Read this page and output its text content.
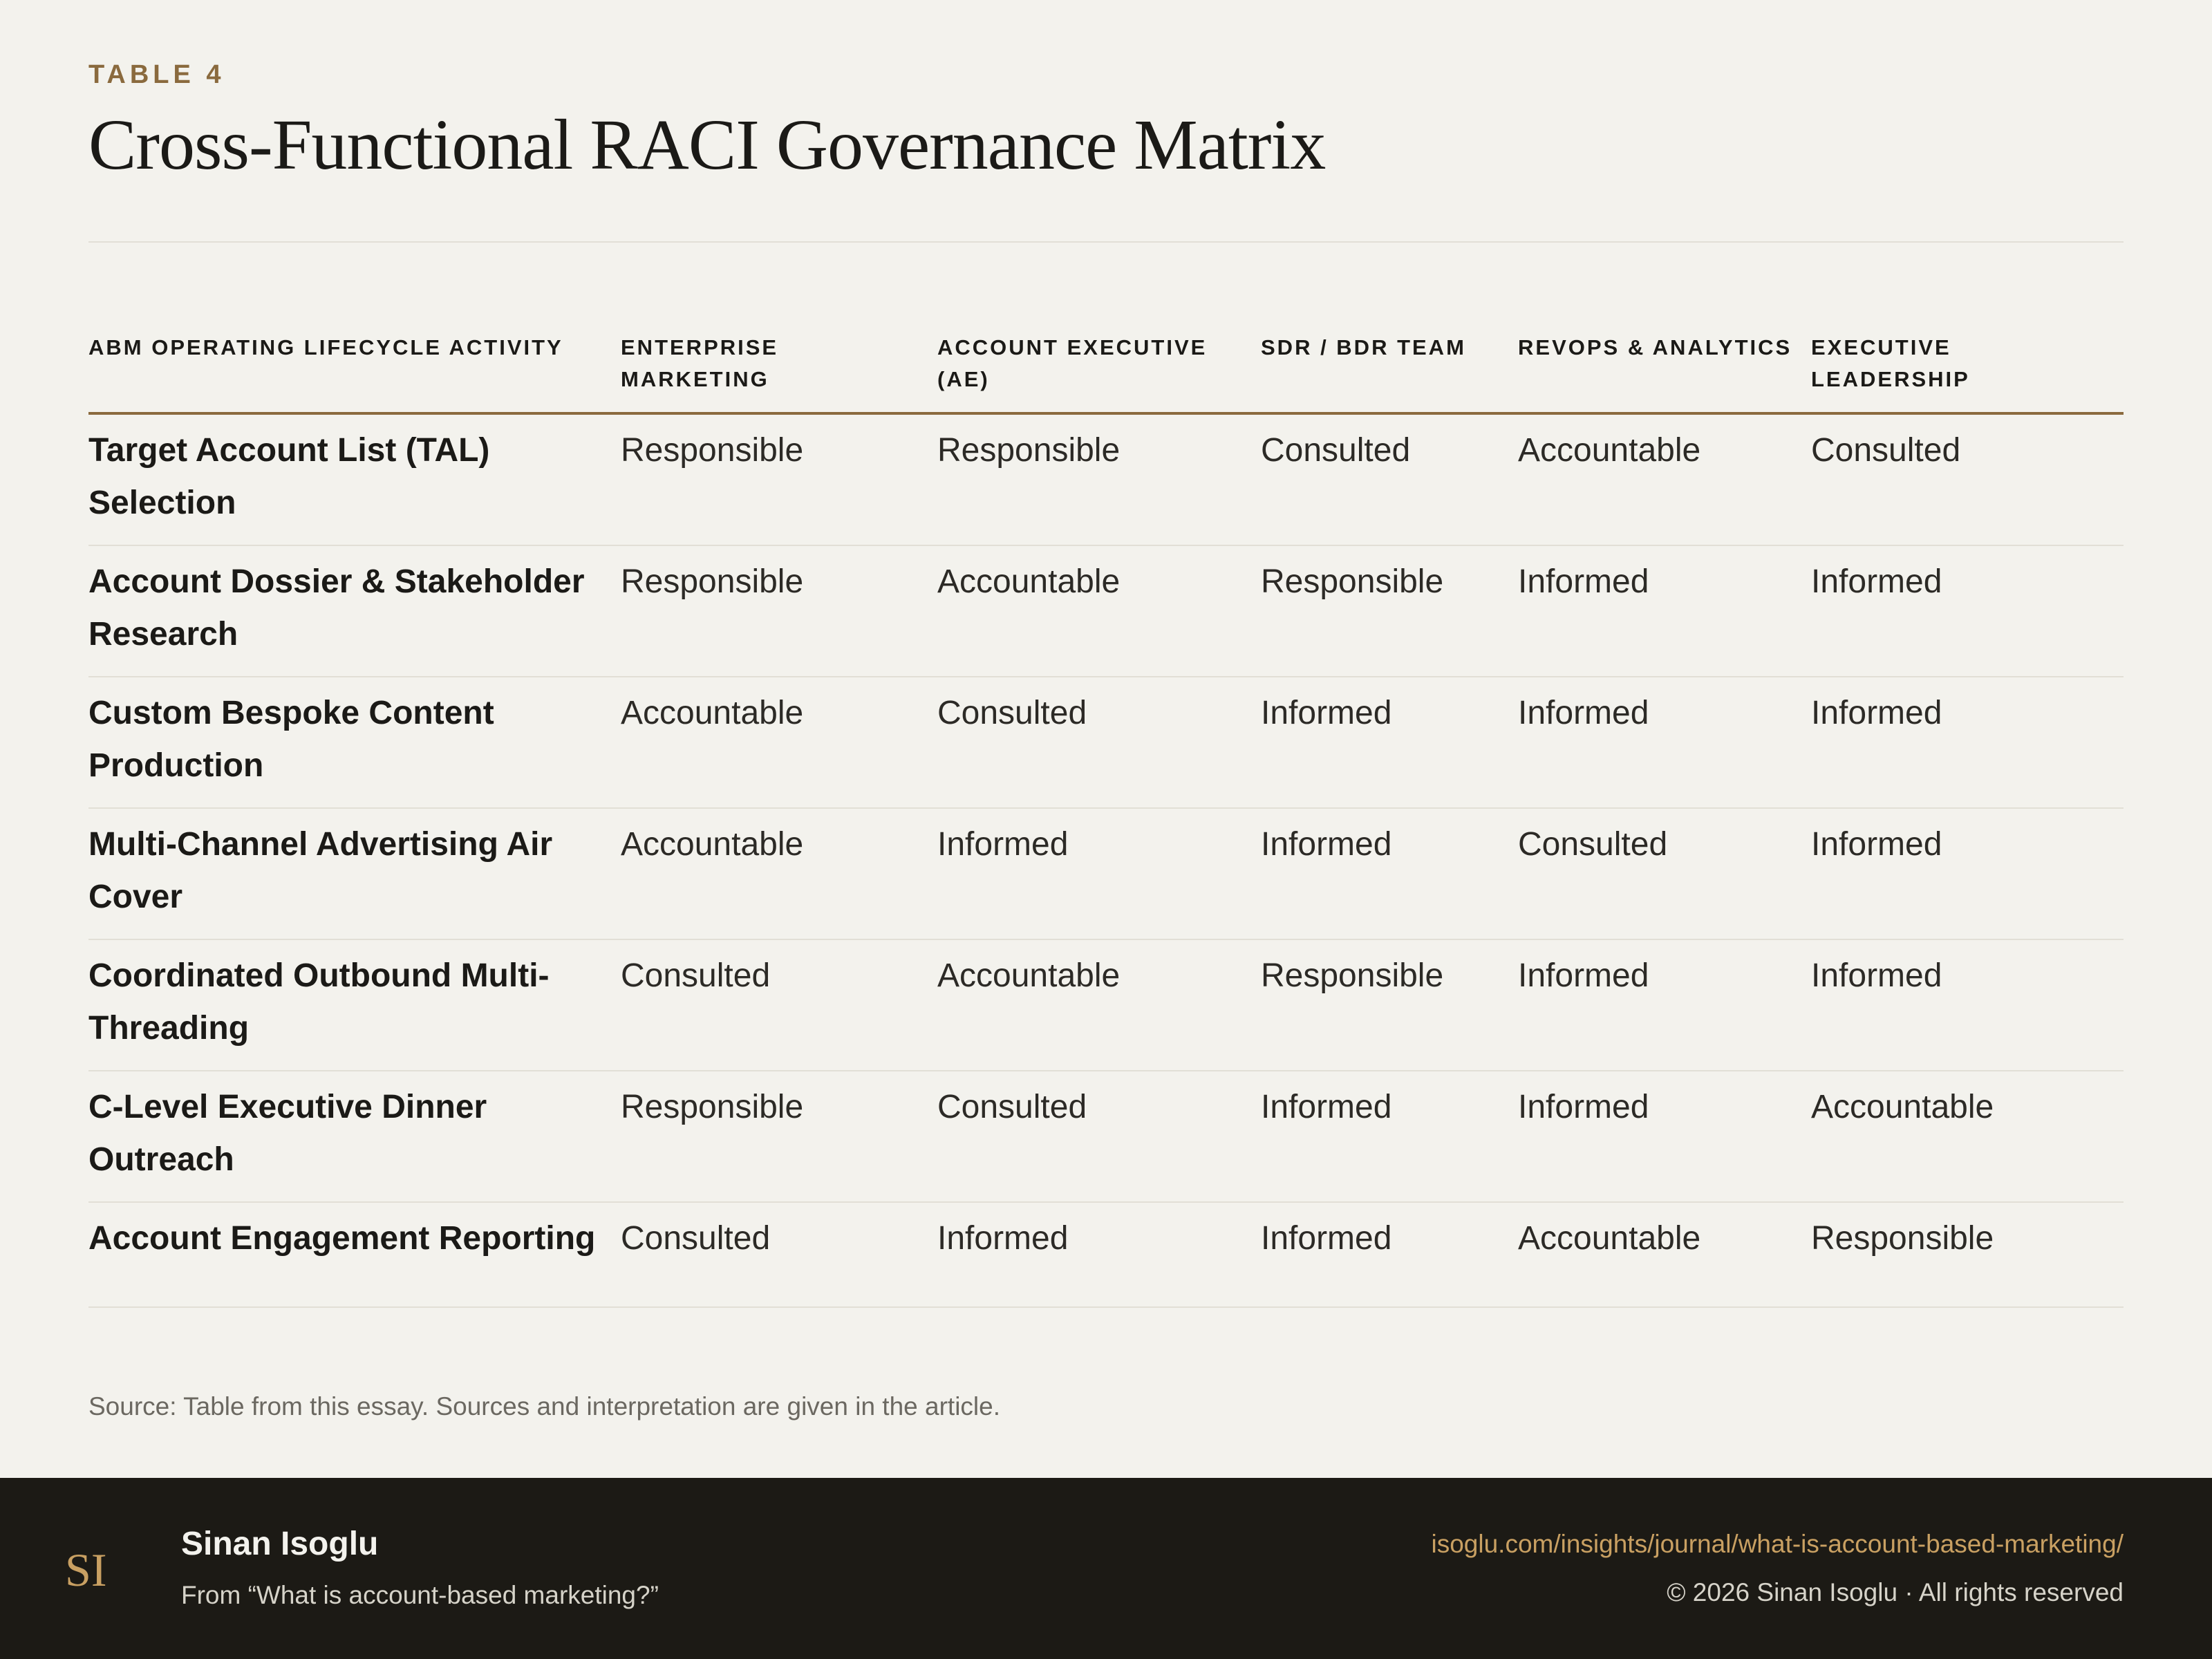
TABLE 4
Cross-Functional RACI Governance Matrix
ABM OPERATING LIFECYCLE ACTIVITY	ENTERPRISE MARKETING	ACCOUNT EXECUTIVE (AE)	SDR / BDR TEAM	REVOPS & ANALYTICS	EXECUTIVE LEADERSHIP
Target Account List (TAL) Selection	Responsible	Responsible	Consulted	Accountable	Consulted
Account Dossier & Stakeholder Research	Responsible	Accountable	Responsible	Informed	Informed
Custom Bespoke Content Production	Accountable	Consulted	Informed	Informed	Informed
Multi-Channel Advertising Air Cover	Accountable	Informed	Informed	Consulted	Informed
Coordinated Outbound Multi-Threading	Consulted	Accountable	Responsible	Informed	Informed
C-Level Executive Dinner Outreach	Responsible	Consulted	Informed	Informed	Accountable
Account Engagement Reporting	Consulted	Informed	Informed	Accountable	Responsible
Source: Table from this essay. Sources and interpretation are given in the article.
SI Sinan Isoglu
From “What is account-based marketing?”
isoglu.com/insights/journal/what-is-account-based-marketing/
© 2026 Sinan Isoglu · All rights reserved
